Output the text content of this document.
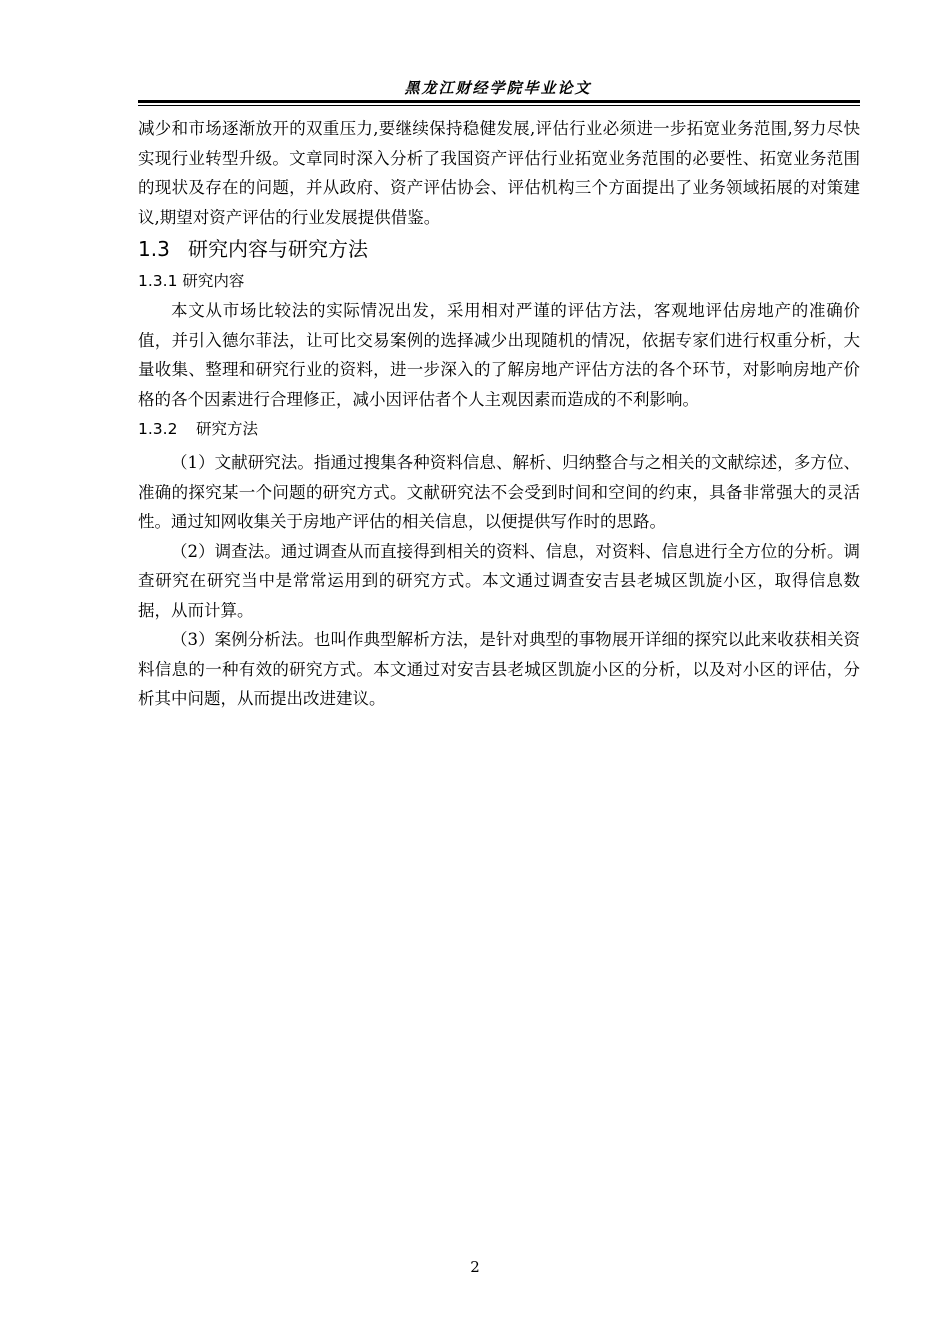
黑龙江财经学院毕业论文

减少和市场逐渐放开的双重压力,要继续保持稳健发展,评估行业必须进一步拓宽业务范围,努力尽快实现行业转型升级。文章同时深入分析了我国资产评估行业拓宽业务范围的必要性、拓宽业务范围的现状及存在的问题，并从政府、资产评估协会、评估机构三个方面提出了业务领域拓展的对策建议,期望对资产评估的行业发展提供借鉴。

1.3 研究内容与研究方法
1.3.1 研究内容

本文从市场比较法的实际情况出发，采用相对严谨的评估方法，客观地评估房地产的准确价值，并引入德尔菲法，让可比交易案例的选择减少出现随机的情况，依据专家们进行权重分析，大量收集、整理和研究行业的资料，进一步深入的了解房地产评估方法的各个环节，对影响房地产价格的各个因素进行合理修正，减小因评估者个人主观因素而造成的不利影响。

1.3.2 研究方法

（1）文献研究法。指通过搜集各种资料信息、解析、归纳整合与之相关的文献综述，多方位、准确的探究某一个问题的研究方式。文献研究法不会受到时间和空间的约束，具备非常强大的灵活性。通过知网收集关于房地产评估的相关信息，以便提供写作时的思路。

（2）调查法。通过调查从而直接得到相关的资料、信息，对资料、信息进行全方位的分析。调查研究在研究当中是常常运用到的研究方式。本文通过调查安吉县老城区凯旋小区，取得信息数据，从而计算。

（3）案例分析法。也叫作典型解析方法，是针对典型的事物展开详细的探究以此来收获相关资料信息的一种有效的研究方式。本文通过对安吉县老城区凯旋小区的分析，以及对小区的评估，分析其中问题，从而提出改进建议。

2
